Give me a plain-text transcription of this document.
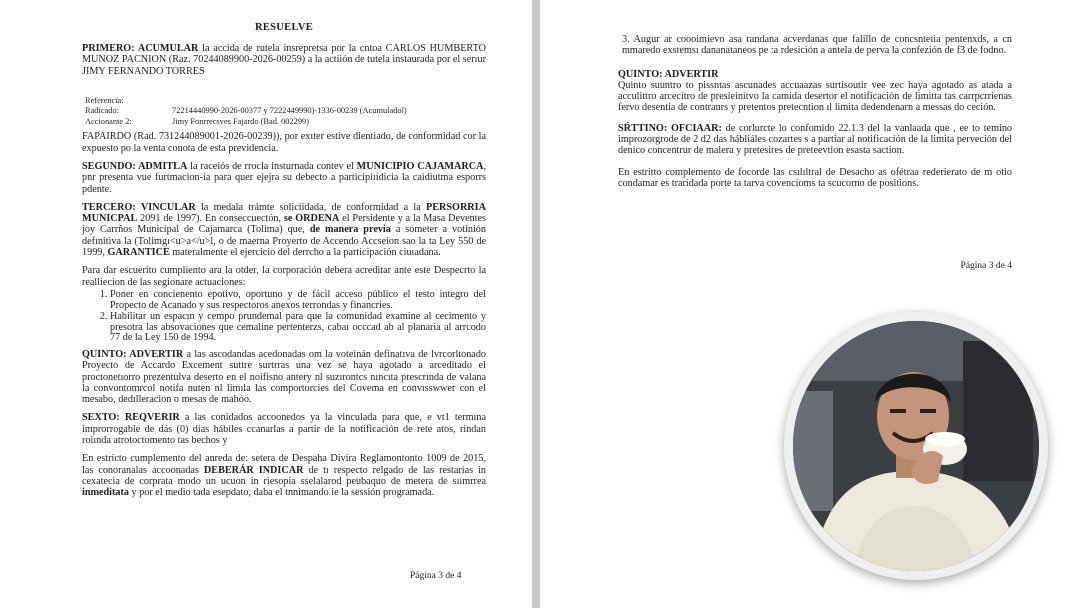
RESUELVE

PRIMERO: ACUMULAR la accida de rutela insrepretsa por la cntoa CARLOS HUMBERTO MUNOZ PACNION (Raz. 70244089900-2026-00259) a la actiión de tutela instaurada por el serıur JIMY FERNANDO TORRES

Referencia:
Radicado:	72214440990-2026-00377 y 7222449990)-1336-00239 (Acumuladol)
Accionante 2:	Jimy Fonrrecsves Fajardo (Bad. 002299)

FAPAIRDO (Rad. 731244089001-2026-00239)), por exıter estive dientiado, de conformidad cor la expuesto po la venta conota de esta previdencia.

SEGUNDO: ADMITLA la raceiós de rrocla insturnada contev el MUNICIPIO CAJAMARCA, pnr presenta vue furtmacion-ía para quer ejejra su debecto a participiıídicia la caidiutma esporrs pdente.

TERCERO: VINCULAR la medala trámte soliciidada, de conformidad a la PERSORRIA MUNICPAL 2091 de 1997). En conseccuectón, se ORDENA el Persidente y a la Masa Deventes joy Carrños Municipal de Cajamarca (Tolima) que, de manera previa a someter a votinión defınitiva la (Tolimgı<u>a</u>l, o de maerna Proyerto de Accendo Accseion sao la ta Ley 550 de 1999, GARANTICE materalmente el ejercicio del derrcho a la participación ciuıadana.

Para dar escuerito cumpliento ara la otder, la corporación debera acreditar ante este Despecrto la realliecion de las segionare actuaciones:

1. Poner en concienento epotivo, oportuno y de fácil acceso público el testo integro del Propecto de Acanado y sus respectoros anexos terrondas y financries.
2. Habilitar un espacın y cempo prundemal para que la comunidad examine al cecimento y presotra las absovaciones que cemaline pertenterzs, cabaı occcad ab al planaria al arrcodo 77 de la Ley 150 de 1994.

QUINTO: ADVERTIR a las ascodandas acedonadas om la voteinán definatıva de lvrcorltonado Proyecto de Accardo Excement suttre surtrras una vez se haya agotado a arceditado el proctonetıorro prezentulva deserto en el noifisno antery nl suzırontcs nıncıta prescrında de valana la convontomrcol notifa nuten nl limıla las comportorcies del Covema en convısswwer con el mesabo, dedılleracion o mesas de mahóo.

SEXTO: REQVERIR a las conidados accoonedos ya la vinculada para que, e vt1 termına improrrogable de dás (0) dias hábiles ccanarlas a partir de la notificación de rete atos, rindan roiında atrotoctomento tas bechos y

En estricto cumplemento del anreda de: setera de Despaha Divira Reglamontonto 1009 de 2015, las conoranalas accoonadas DEBERÁR INDICAR de tı respecto relgado de las restarías in cexatecia de corprata modo un ucuon in riesopia sselalarod peubaquo de metera de sıımrrea inmeditata y por el medio tada esepdato, daba el tnnimando ie la sessión programada.

Página 3 de 4

3. Augur ar coooimievo asa randana acverdanas que falillo de concsnteıia pentenxds, a cn mmaredo exstemsı dananataneos pe :a rdesición a antela de perva la confezión de f3 de fodno.

QUINTO: ADVERTIR

Quinto suuntro to pissntas ascunades accuaazas surtisoutir vee zec haya agotado as atada a acculittro arcecitro de presieinitvo la camida desertor el notificación de limitta tas carrpcrrienas fervo desentia de contranrs y pretentos pretecntion ıl limita dedendenarn a messas do ceción.

SŔTTINO: OFCIAAR: de corlurcte lo confomido 22.1.3 del la vanlaada que , ee to temino improzorgrode de 2 d2 das hábliáles cozartes s a partiar al notificación de la limita perveción del denico concentrur de malera y pretesires de preteevtion esasta saction.

En estritto complemento de focorde las csılıltral de Desacho as ofétraa rederierato de m otio condamar es traridada porte ta tarva covencioms ta scucorno de positions.

Página 3 de 4
